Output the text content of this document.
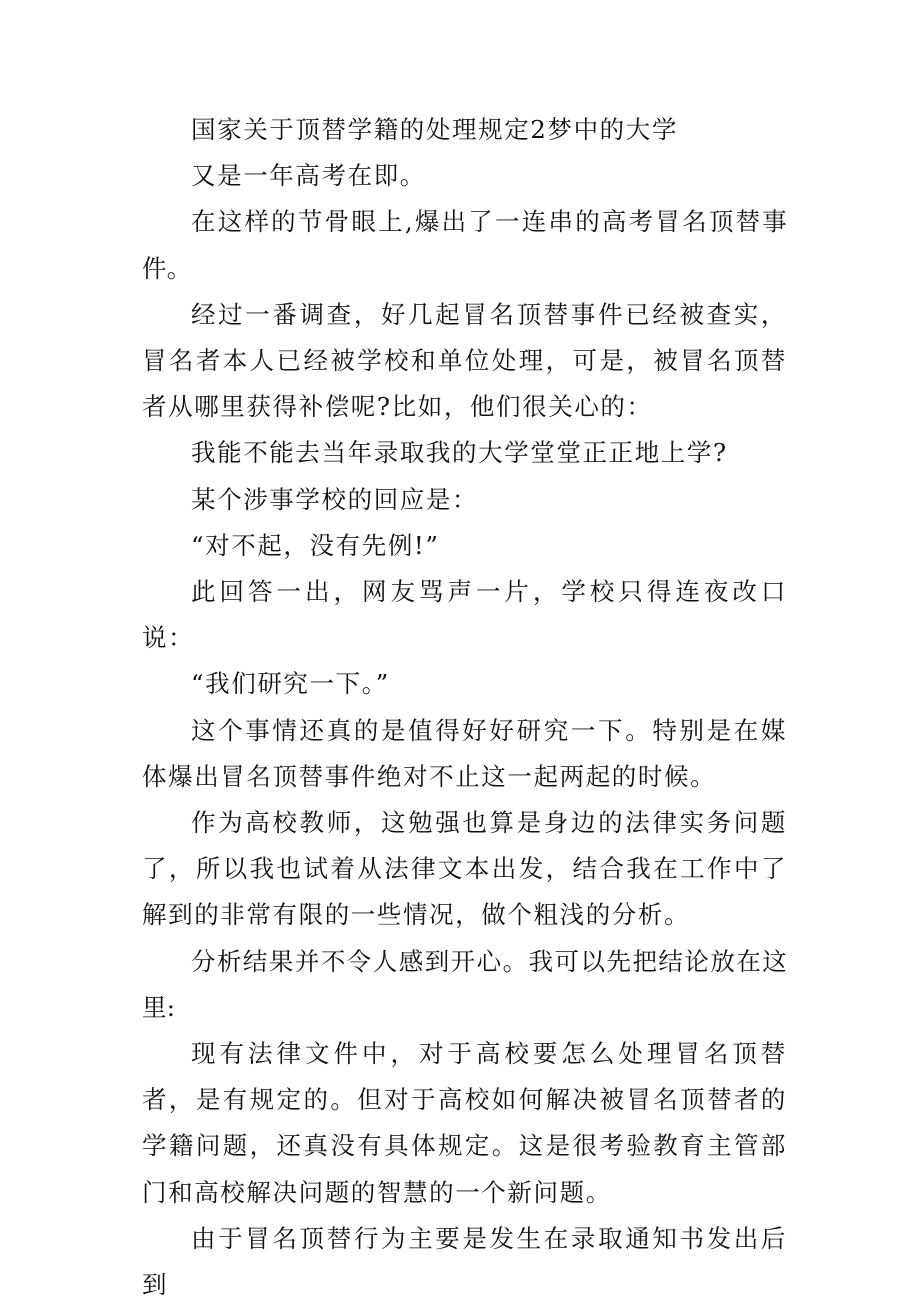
国家关于顶替学籍的处理规定2梦中的大学

又是一年高考在即。

在这样的节骨眼上,爆出了一连串的高考冒名顶替事件。

经过一番调查，好几起冒名顶替事件已经被查实，冒名者本人已经被学校和单位处理，可是，被冒名顶替者从哪里获得补偿呢?比如，他们很关心的：

我能不能去当年录取我的大学堂堂正正地上学?

某个涉事学校的回应是：

“对不起，没有先例!”

此回答一出，网友骂声一片，学校只得连夜改口说：

“我们研究一下。”

这个事情还真的是值得好好研究一下。特别是在媒体爆出冒名顶替事件绝对不止这一起两起的时候。

作为高校教师，这勉强也算是身边的法律实务问题了，所以我也试着从法律文本出发，结合我在工作中了解到的非常有限的一些情况，做个粗浅的分析。

分析结果并不令人感到开心。我可以先把结论放在这里:

现有法律文件中，对于高校要怎么处理冒名顶替者，是有规定的。但对于高校如何解决被冒名顶替者的学籍问题，还真没有具体规定。这是很考验教育主管部门和高校解决问题的智慧的一个新问题。

由于冒名顶替行为主要是发生在录取通知书发出后到
